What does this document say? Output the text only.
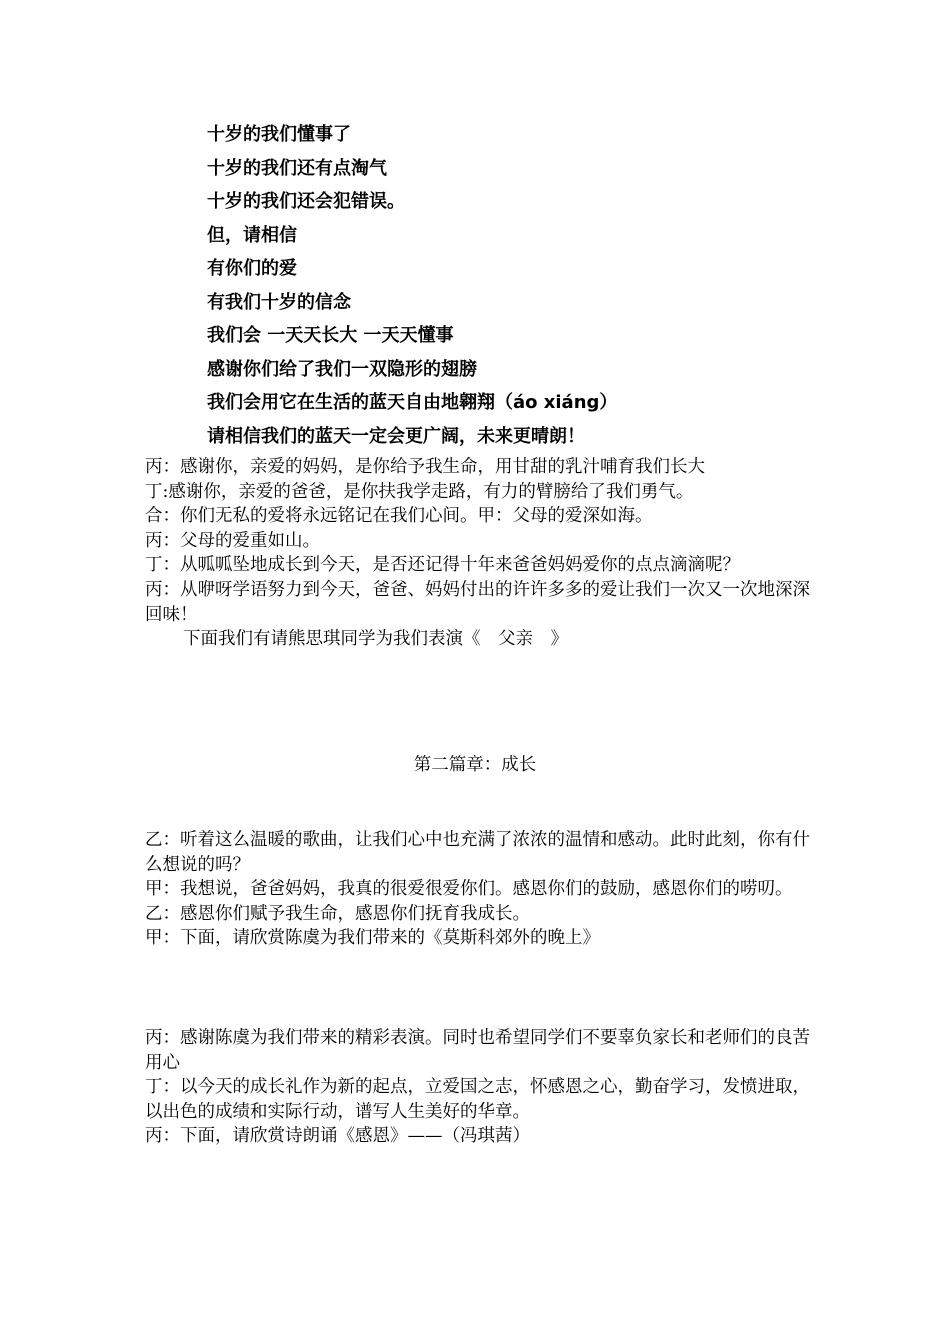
十岁的我们懂事了
十岁的我们还有点淘气
十岁的我们还会犯错误。
但，请相信
有你们的爱
有我们十岁的信念
我们会 一天天长大 一天天懂事
感谢你们给了我们一双隐形的翅膀
我们会用它在生活的蓝天自由地翱翔（áo xiáng）
请相信我们的蓝天一定会更广阔，未来更晴朗！

丙：感谢你，亲爱的妈妈，是你给予我生命，用甘甜的乳汁哺育我们长大

丁:感谢你，亲爱的爸爸，是你扶我学走路，有力的臂膀给了我们勇气。

合：你们无私的爱将永远铭记在我们心间。甲：父母的爱深如海。

丙：父母的爱重如山。

丁：从呱呱坠地成长到今天，是否还记得十年来爸爸妈妈爱你的点点滴滴呢？

丙：从咿呀学语努力到今天，爸爸、妈妈付出的许许多多的爱让我们一次又一次地深深回味！

下面我们有请熊思琪同学为我们表演《　父亲　》

第二篇章：成长

乙：听着这么温暖的歌曲，让我们心中也充满了浓浓的温情和感动。此时此刻，你有什么想说的吗？

甲：我想说，爸爸妈妈，我真的很爱很爱你们。感恩你们的鼓励，感恩你们的唠叨。

乙：感恩你们赋予我生命，感恩你们抚育我成长。

甲：下面，请欣赏陈虞为我们带来的《莫斯科郊外的晚上》

丙：感谢陈虞为我们带来的精彩表演。同时也希望同学们不要辜负家长和老师们的良苦用心

丁：以今天的成长礼作为新的起点，立爱国之志，怀感恩之心，勤奋学习，发愤进取，以出色的成绩和实际行动，谱写人生美好的华章。

丙：下面，请欣赏诗朗诵《感恩》——（冯琪茜）
